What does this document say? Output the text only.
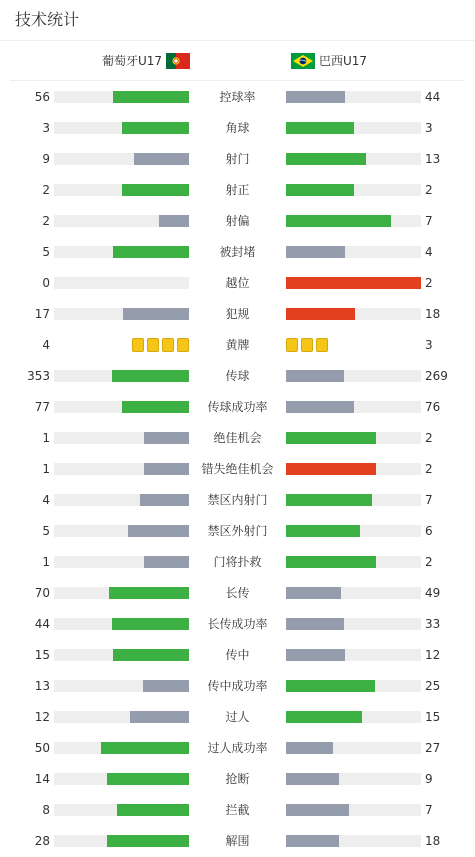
技术统计
葡萄牙U17	巴西U17
56	控球率	44
3	角球	3
9	射门	13
2	射正	2
2	射偏	7
5	被封堵	4
0	越位	2
17	犯规	18
4	黄牌	3
353	传球	269
77	传球成功率	76
1	绝佳机会	2
1	错失绝佳机会	2
4	禁区内射门	7
5	禁区外射门	6
1	门将扑救	2
70	长传	49
44	长传成功率	33
15	传中	12
13	传中成功率	25
12	过人	15
50	过人成功率	27
14	抢断	9
8	拦截	7
28	解围	18
